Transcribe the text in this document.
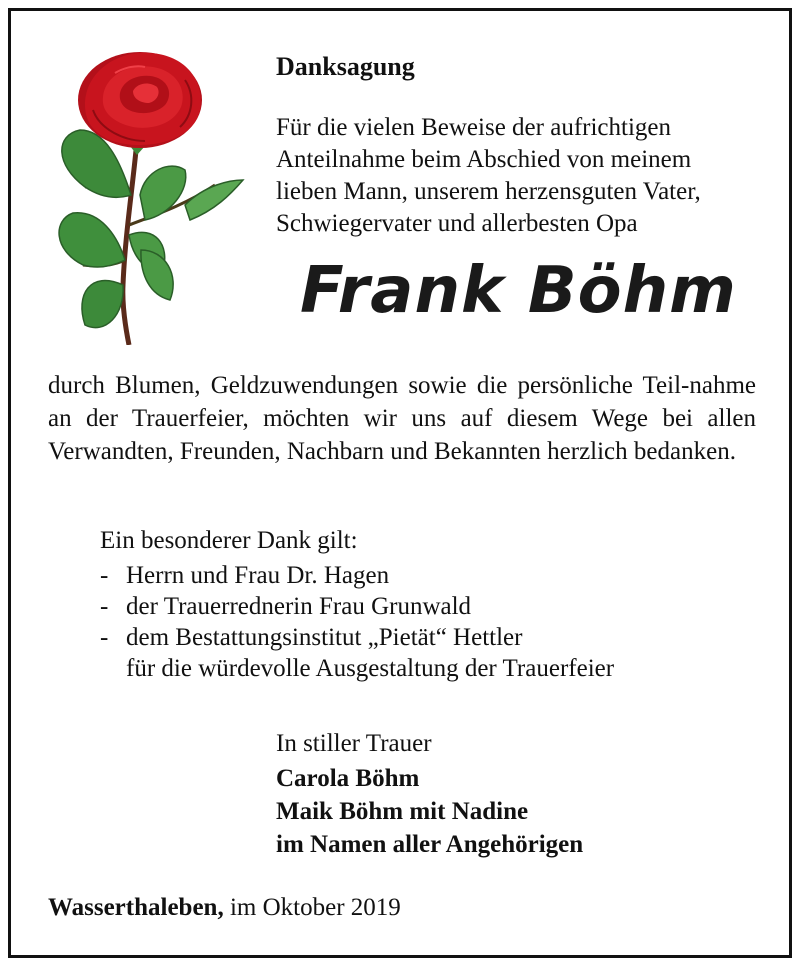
Danksagung
Für die vielen Beweise der aufrichtigen
Anteilnahme beim Abschied von meinem
lieben Mann, unserem herzensguten Vater,
Schwiegervater und allerbesten Opa
Frank Böhm
durch Blumen, Geldzuwendungen sowie die persönliche Teil-nahme an der Trauerfeier, möchten wir uns auf diesem Wege bei allen Verwandten, Freunden, Nachbarn und Bekannten herzlich bedanken.
Ein besonderer Dank gilt:
- Herrn und Frau Dr. Hagen
- der Trauerrednerin Frau Grunwald
- dem Bestattungsinstitut „Pietät“ Hettler
für die würdevolle Ausgestaltung der Trauerfeier
In stiller Trauer
Carola Böhm
Maik Böhm mit Nadine
im Namen aller Angehörigen
Wasserthaleben, im Oktober 2019
